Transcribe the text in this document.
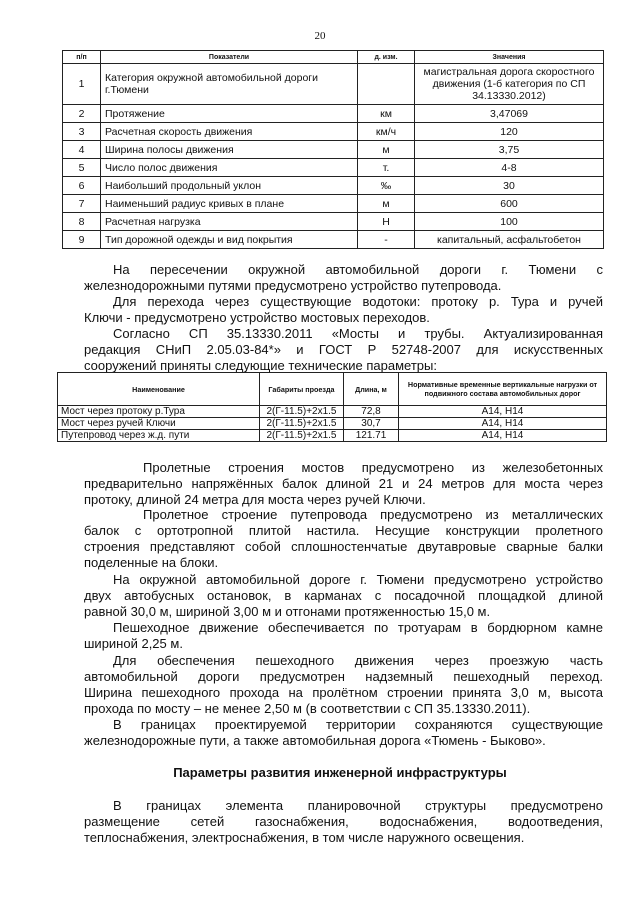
20
п/п	Показатели	д. изм.	Значения
1	Категория окружной автомобильной дороги г.Тюмени		магистральная дорога скоростного движения (1-б категория по СП 34.13330.2012)
2	Протяжение	км	3,47069
3	Расчетная скорость движения	км/ч	120
4	Ширина полосы движения	м	3,75
5	Число полос движения	т.	4-8
6	Наибольший продольный уклон	‰	30
7	Наименьший радиус кривых в плане	м	600
8	Расчетная нагрузка	Н	100
9	Тип дорожной одежды и вид покрытия	-	капитальный, асфальтобетон

На пересечении окружной автомобильной дороги г. Тюмени с

железнодорожными путями предусмотрено устройство путепровода.

Для перехода через существующие водотоки: протоку р. Тура и ручей

Ключи - предусмотрено устройство мостовых переходов.

Согласно СП 35.13330.2011 «Мосты и трубы. Актуализированная

редакция СНиП 2.05.03-84*» и ГОСТ Р 52748-2007 для искусственных

сооружений приняты следующие технические параметры:

Наименование	Габариты проезда	Длина, м	Нормативные временные вертикальные нагрузки от подвижного состава автомобильных дорог
Мост через протоку р.Тура	2(Г-11.5)+2х1.5	72,8	А14, Н14
Мост через ручей Ключи	2(Г-11.5)+2х1.5	30,7	А14, Н14
Путепровод через ж.д. пути	2(Г-11.5)+2х1.5	121.71	А14, Н14

Пролетные строения мостов предусмотрено из железобетонных

предварительно напряжённых балок длиной 21 и 24 метров для моста через

протоку, длиной 24 метра для моста через ручей Ключи.

Пролетное строение путепровода предусмотрено из металлических

балок с ортотропной плитой настила. Несущие конструкции пролетного

строения представляют собой сплошностенчатые двутавровые сварные балки

поделенные на блоки.

На окружной автомобильной дороге г. Тюмени предусмотрено устройство

двух автобусных остановок, в карманах с посадочной площадкой длиной

равной 30,0 м, шириной 3,00 м и отгонами протяженностью 15,0 м.

Пешеходное движение обеспечивается по тротуарам в бордюрном камне

шириной 2,25 м.

Для обеспечения пешеходного движения через проезжую часть

автомобильной дороги предусмотрен надземный пешеходный переход.

Ширина пешеходного прохода на пролётном строении принята 3,0 м, высота

прохода по мосту – не менее 2,50 м (в соответствии с СП 35.13330.2011).

В границах проектируемой территории сохраняются существующие

железнодорожные пути, а также автомобильная дорога «Тюмень - Быково».

Параметры развития инженерной инфраструктуры

В границах элемента планировочной структуры предусмотрено

размещение сетей газоснабжения, водоснабжения, водоотведения,

теплоснабжения, электроснабжения, в том числе наружного освещения.
